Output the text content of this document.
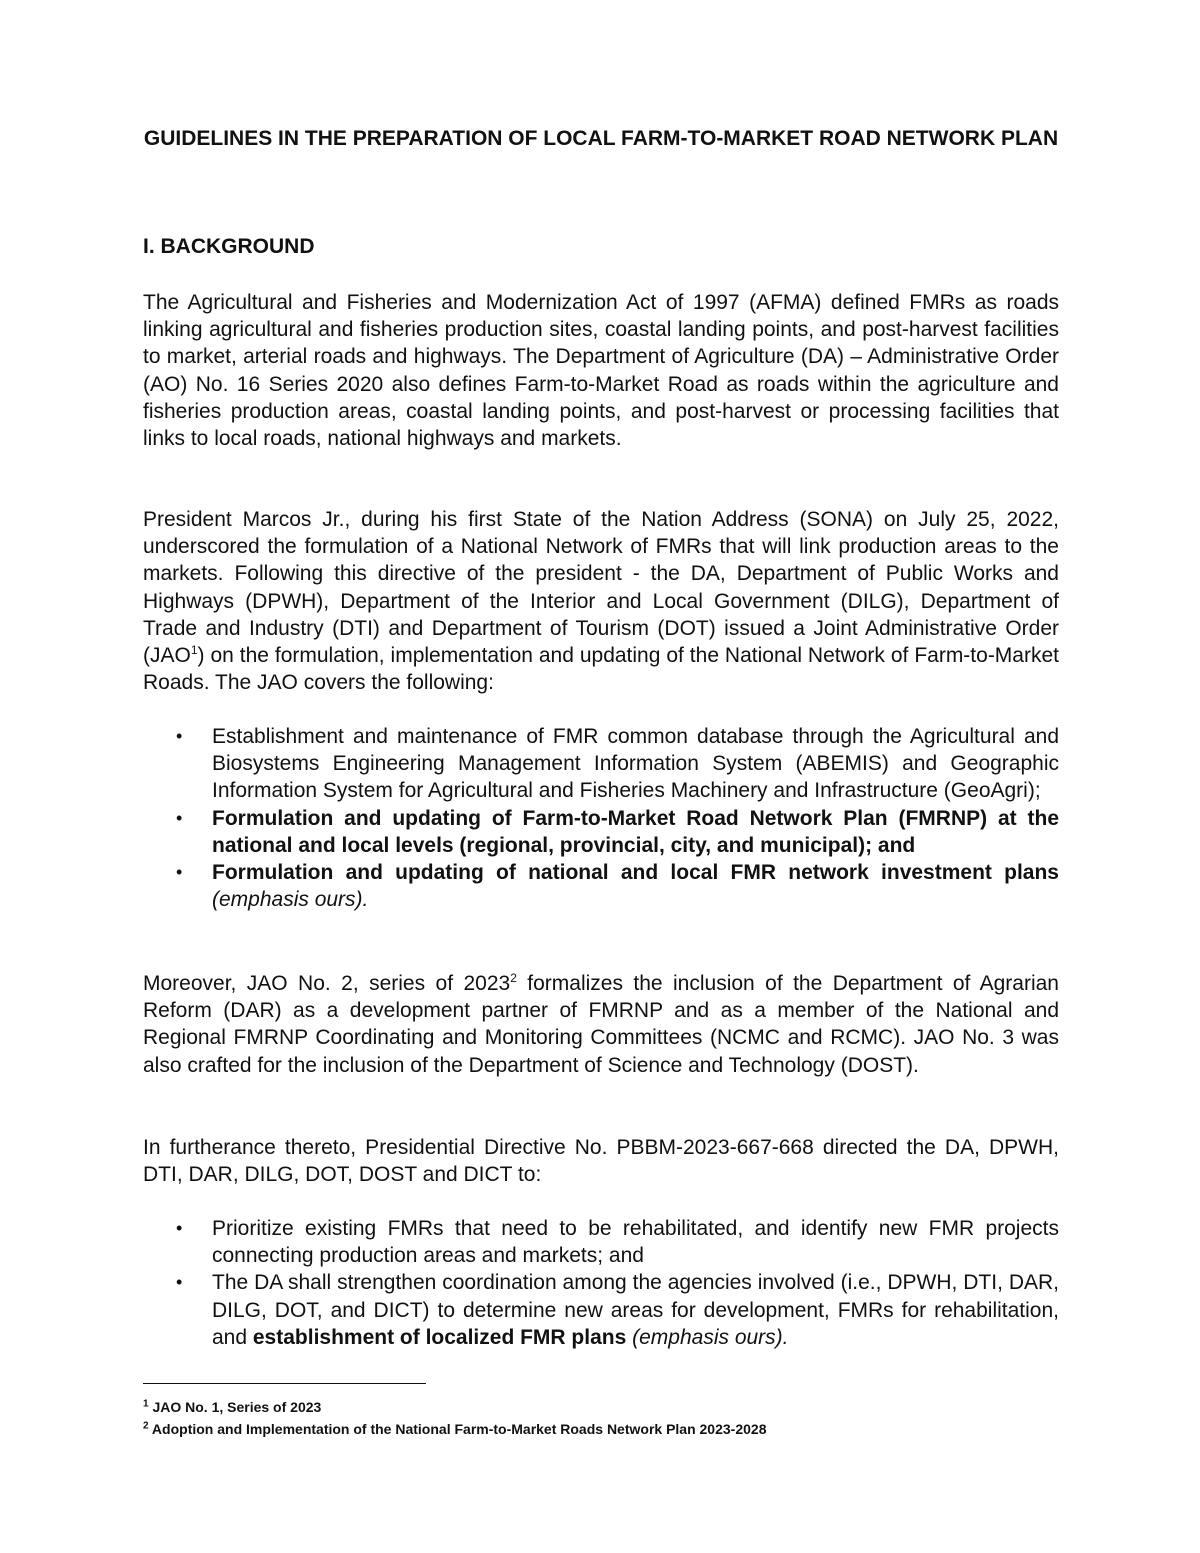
GUIDELINES IN THE PREPARATION OF LOCAL FARM-TO-MARKET ROAD NETWORK PLAN
I. BACKGROUND

The Agricultural and Fisheries and Modernization Act of 1997 (AFMA) defined FMRs as roads linking agricultural and fisheries production sites, coastal landing points, and post-harvest facilities to market, arterial roads and highways. The Department of Agriculture (DA) – Administrative Order (AO) No. 16 Series 2020 also defines Farm-to-Market Road as roads within the agriculture and fisheries production areas, coastal landing points, and post-harvest or processing facilities that links to local roads, national highways and markets.

President Marcos Jr., during his first State of the Nation Address (SONA) on July 25, 2022, underscored the formulation of a National Network of FMRs that will link production areas to the markets. Following this directive of the president - the DA, Department of Public Works and Highways (DPWH), Department of the Interior and Local Government (DILG), Department of Trade and Industry (DTI) and Department of Tourism (DOT) issued a Joint Administrative Order (JAO$^1$) on the formulation, implementation and updating of the National Network of Farm-to-Market Roads. The JAO covers the following:

• Establishment and maintenance of FMR common database through the Agricultural and Biosystems Engineering Management Information System (ABEMIS) and Geographic Information System for Agricultural and Fisheries Machinery and Infrastructure (GeoAgri);
• Formulation and updating of Farm-to-Market Road Network Plan (FMRNP) at the national and local levels (regional, provincial, city, and municipal); and
• Formulation and updating of national and local FMR network investment plans (emphasis ours).

Moreover, JAO No. 2, series of 2023$^2$ formalizes the inclusion of the Department of Agrarian Reform (DAR) as a development partner of FMRNP and as a member of the National and Regional FMRNP Coordinating and Monitoring Committees (NCMC and RCMC). JAO No. 3 was also crafted for the inclusion of the Department of Science and Technology (DOST).

In furtherance thereto, Presidential Directive No. PBBM-2023-667-668 directed the DA, DPWH, DTI, DAR, DILG, DOT, DOST and DICT to:

• Prioritize existing FMRs that need to be rehabilitated, and identify new FMR projects connecting production areas and markets; and
• The DA shall strengthen coordination among the agencies involved (i.e., DPWH, DTI, DAR, DILG, DOT, and DICT) to determine new areas for development, FMRs for rehabilitation, and establishment of localized FMR plans (emphasis ours).
$^1$ JAO No. 1, Series of 2023
$^2$ Adoption and Implementation of the National Farm-to-Market Roads Network Plan 2023-2028
